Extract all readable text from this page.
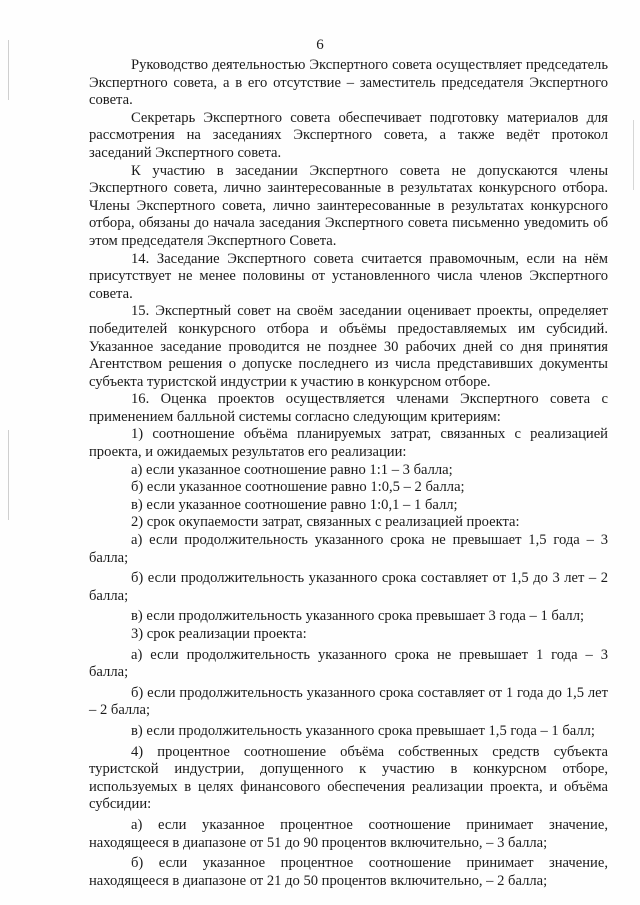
6

Руководство деятельностью Экспертного совета осуществляет председатель Экспертного совета, а в его отсутствие – заместитель председателя Экспертного совета.

Секретарь Экспертного совета обеспечивает подготовку материалов для рассмотрения на заседаниях Экспертного совета, а также ведёт протокол заседаний Экспертного совета.

К участию в заседании Экспертного совета не допускаются члены Экспертного совета, лично заинтересованные в результатах конкурсного отбора. Члены Экспертного совета, лично заинтересованные в результатах конкурсного отбора, обязаны до начала заседания Экспертного совета письменно уведомить об этом председателя Экспертного Совета.

14. Заседание Экспертного совета считается правомочным, если на нём присутствует не менее половины от установленного числа членов Экспертного совета.

15. Экспертный совет на своём заседании оценивает проекты, определяет победителей конкурсного отбора и объёмы предоставляемых им субсидий. Указанное заседание проводится не позднее 30 рабочих дней со дня принятия Агентством решения о допуске последнего из числа представивших документы субъекта туристской индустрии к участию в конкурсном отборе.

16. Оценка проектов осуществляется членами Экспертного совета с применением балльной системы согласно следующим критериям:

1) соотношение объёма планируемых затрат, связанных с реализацией проекта, и ожидаемых результатов его реализации:

а) если указанное соотношение равно 1:1 – 3 балла;

б) если указанное соотношение равно 1:0,5 – 2 балла;

в) если указанное соотношение равно 1:0,1 – 1 балл;

2) срок окупаемости затрат, связанных с реализацией проекта:

а) если продолжительность указанного срока не превышает 1,5 года – 3 балла;

б) если продолжительность указанного срока составляет от 1,5 до 3 лет – 2 балла;

в) если продолжительность указанного срока превышает 3 года – 1 балл;

3) срок реализации проекта:

а) если продолжительность указанного срока не превышает 1 года – 3 балла;

б) если продолжительность указанного срока составляет от 1 года до 1,5 лет – 2 балла;

в) если продолжительность указанного срока превышает 1,5 года – 1 балл;

4) процентное соотношение объёма собственных средств субъекта туристской индустрии, допущенного к участию в конкурсном отборе, используемых в целях финансового обеспечения реализации проекта, и объёма субсидии:

а) если указанное процентное соотношение принимает значение, находящееся в диапазоне от 51 до 90 процентов включительно, – 3 балла;

б) если указанное процентное соотношение принимает значение, находящееся в диапазоне от 21 до 50 процентов включительно, – 2 балла;
